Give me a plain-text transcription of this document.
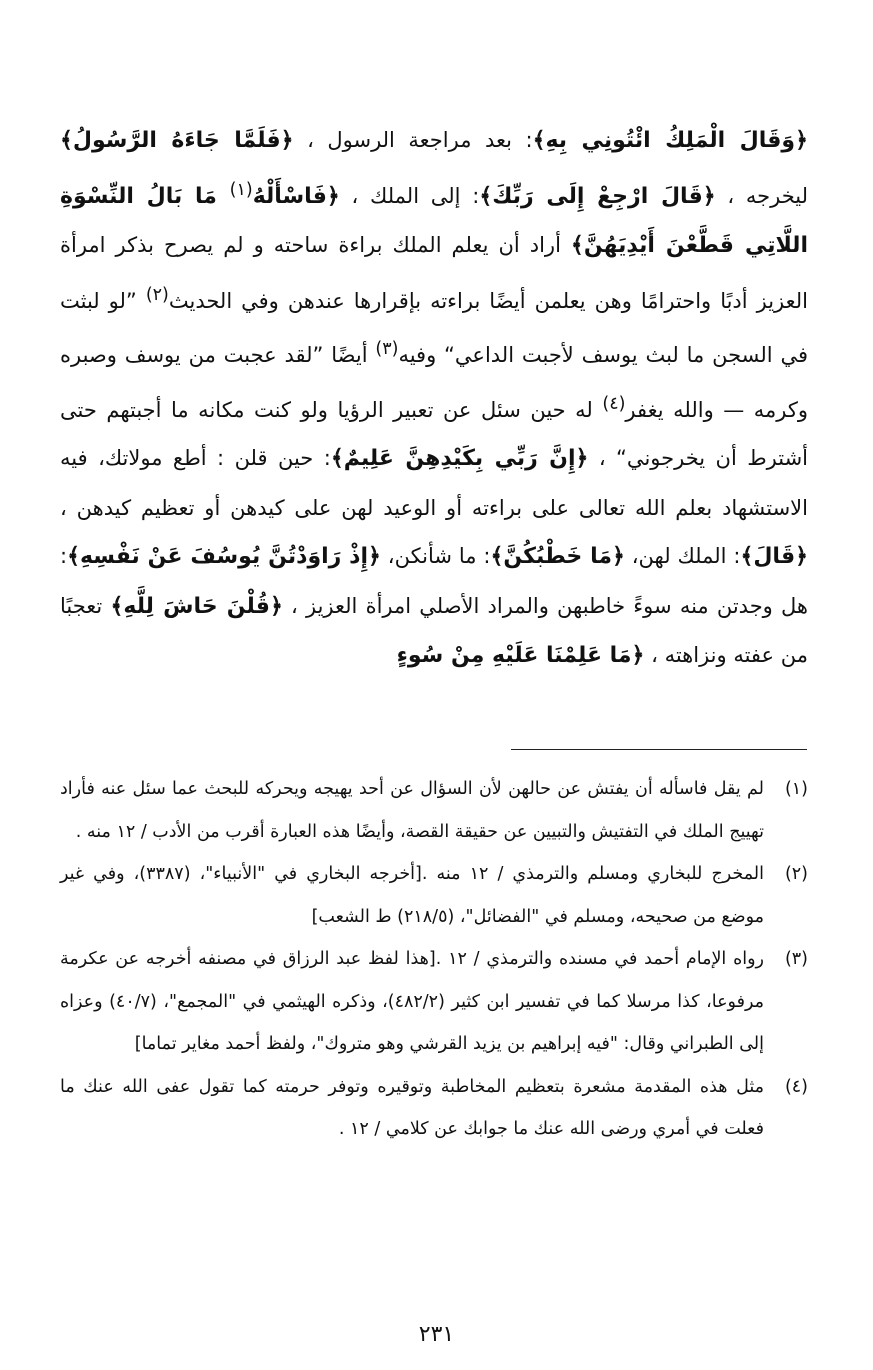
﴿وَقَالَ الْمَلِكُ ائْتُونِي بِهِ﴾: بعد مراجعة الرسول ، ﴿فَلَمَّا جَاءَهُ الرَّسُولُ﴾ ليخرجه ، ﴿قَالَ ارْجِعْ إِلَى رَبِّكَ﴾: إلى الملك ، ﴿فَاسْأَلْهُ$^{(١)}$ مَا بَالُ النِّسْوَةِ اللَّاتِي قَطَّعْنَ أَيْدِيَهُنَّ﴾ أراد أن يعلم الملك براءة ساحته و لم يصرح بذكر امرأة العزيز أدبًا واحترامًا وهن يعلمن أيضًا براءته بإقرارها عندهن وفي الحديث$^{(٢)}$ ”لو لبثت في السجن ما لبث يوسف لأجبت الداعي“ وفيه$^{(٣)}$ أيضًا ”لقد عجبت من يوسف وصبره وكرمه — والله يغفر$^{(٤)}$ له حين سئل عن تعبير الرؤيا ولو كنت مكانه ما أجبتهم حتى أشترط أن يخرجوني“ ، ﴿إِنَّ رَبِّي بِكَيْدِهِنَّ عَلِيمٌ﴾: حين قلن : أطع مولاتك، فيه الاستشهاد بعلم الله تعالى على براءته أو الوعيد لهن على كيدهن أو تعظيم كيدهن ، ﴿قَالَ﴾: الملك لهن، ﴿مَا خَطْبُكُنَّ﴾: ما شأنكن، ﴿إِذْ رَاوَدْتُنَّ يُوسُفَ عَنْ نَفْسِهِ﴾: هل وجدتن منه سوءً خاطبهن والمراد الأصلي امرأة العزيز ، ﴿قُلْنَ حَاشَ لِلَّهِ﴾ تعجبًا من عفته ونزاهته ، ﴿مَا عَلِمْنَا عَلَيْهِ مِنْ سُوءٍ

(١)
لم يقل فاسأله أن يفتش عن حالهن لأن السؤال عن أحد يهيجه ويحركه للبحث عما سئل عنه فأراد تهييج الملك في التفتيش والتبيين عن حقيقة القصة، وأيضًا هذه العبارة أقرب من الأدب / ١٢ منه .
(٢)
المخرج للبخاري ومسلم والترمذي / ١٢ منه .[أخرجه البخاري في "الأنبياء"، (٣٣٨٧)، وفي غير موضع من صحيحه، ومسلم في "الفضائل"، (٢١٨/٥) ط الشعب]
(٣)
رواه الإمام أحمد في مسنده والترمذي / ١٢ .[هذا لفظ عبد الرزاق في مصنفه أخرجه عن عكرمة مرفوعا، كذا مرسلا كما في تفسير ابن كثير (٤٨٢/٢)، وذكره الهيثمي في "المجمع"، (٤٠/٧) وعزاه إلى الطبراني وقال: "فيه إبراهيم بن يزيد القرشي وهو متروك"، ولفظ أحمد مغاير تماما]
(٤)
مثل هذه المقدمة مشعرة بتعظيم المخاطبة وتوقيره وتوفر حرمته كما تقول عفى الله عنك ما فعلت في أمري ورضى الله عنك ما جوابك عن كلامي / ١٢ .
٢٣١
